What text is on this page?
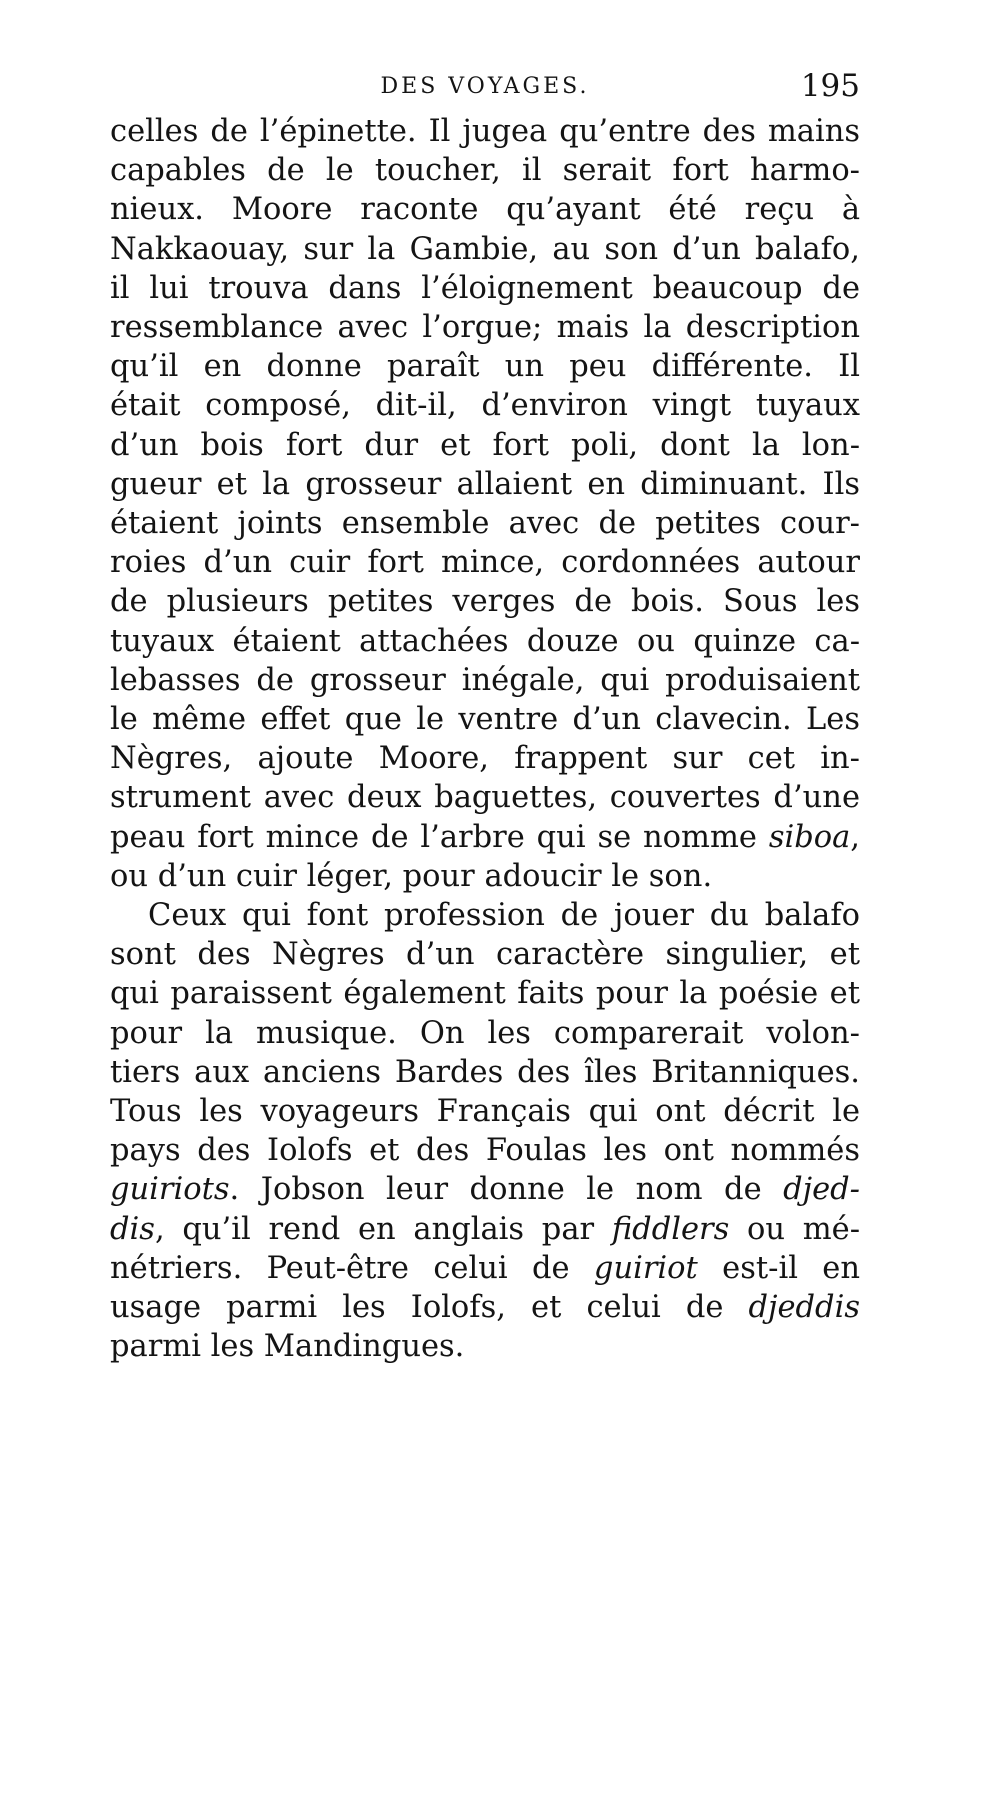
DES VOYAGES.	195
celles de l’épinette. Il jugea qu’entre des mains
capables de le toucher, il serait fort harmo-
nieux. Moore raconte qu’ayant été reçu à
Nakkaouay, sur la Gambie, au son d’un balafo,
il lui trouva dans l’éloignement beaucoup de
ressemblance avec l’orgue; mais la description
qu’il en donne paraît un peu différente. Il
était composé, dit-il, d’environ vingt tuyaux
d’un bois fort dur et fort poli, dont la lon-
gueur et la grosseur allaient en diminuant. Ils
étaient joints ensemble avec de petites cour-
roies d’un cuir fort mince, cordonnées autour
de plusieurs petites verges de bois. Sous les
tuyaux étaient attachées douze ou quinze ca-
lebasses de grosseur inégale, qui produisaient
le même effet que le ventre d’un clavecin. Les
Nègres, ajoute Moore, frappent sur cet in-
strument avec deux baguettes, couvertes d’une
peau fort mince de l’arbre qui se nomme siboa,
ou d’un cuir léger, pour adoucir le son.
Ceux qui font profession de jouer du balafo
sont des Nègres d’un caractère singulier, et
qui paraissent également faits pour la poésie et
pour la musique. On les comparerait volon-
tiers aux anciens Bardes des îles Britanniques.
Tous les voyageurs Français qui ont décrit le
pays des Iolofs et des Foulas les ont nommés
guiriots. Jobson leur donne le nom de djed-
dis, qu’il rend en anglais par fiddlers ou mé-
nétriers. Peut-être celui de guiriot est-il en
usage parmi les Iolofs, et celui de djeddis
parmi les Mandingues.
